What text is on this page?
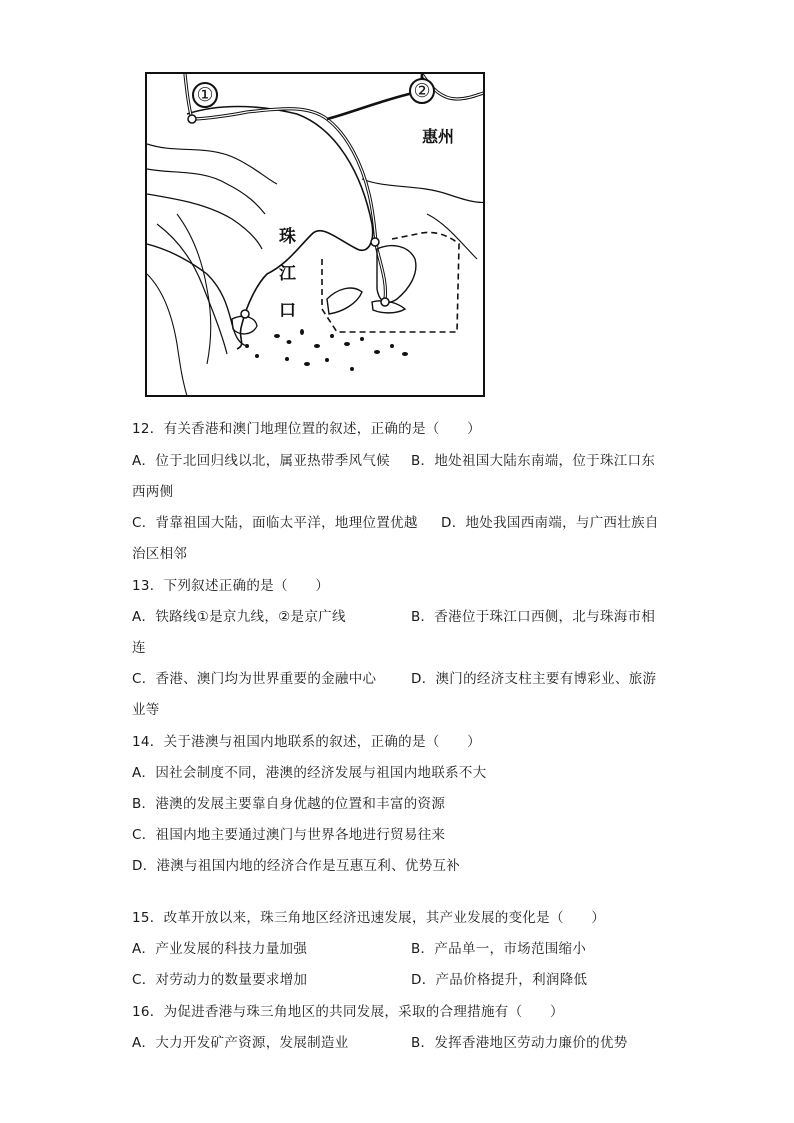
①	②
惠州
珠
江
口
12．有关香港和澳门地理位置的叙述，正确的是（　　）
A．位于北回归线以北，属亚热带季风气候 B．地处祖国大陆东南端，位于珠江口东
西两侧
C．背靠祖国大陆，面临太平洋，地理位置优越 D．地处我国西南端，与广西壮族自
治区相邻
13．下列叙述正确的是（　　）
A．铁路线①是京九线，②是京广线	B．香港位于珠江口西侧，北与珠海市相
连
C．香港、澳门均为世界重要的金融中心	D．澳门的经济支柱主要有博彩业、旅游
业等
14．关于港澳与祖国内地联系的叙述，正确的是（　　）
A．因社会制度不同，港澳的经济发展与祖国内地联系不大
B．港澳的发展主要靠自身优越的位置和丰富的资源
C．祖国内地主要通过澳门与世界各地进行贸易往来
D．港澳与祖国内地的经济合作是互惠互利、优势互补
15．改革开放以来，珠三角地区经济迅速发展，其产业发展的变化是（　　）
A．产业发展的科技力量加强	B．产品单一，市场范围缩小
C．对劳动力的数量要求增加	D．产品价格提升，利润降低
16．为促进香港与珠三角地区的共同发展，采取的合理措施有（　　）
A．大力开发矿产资源，发展制造业	B．发挥香港地区劳动力廉价的优势
